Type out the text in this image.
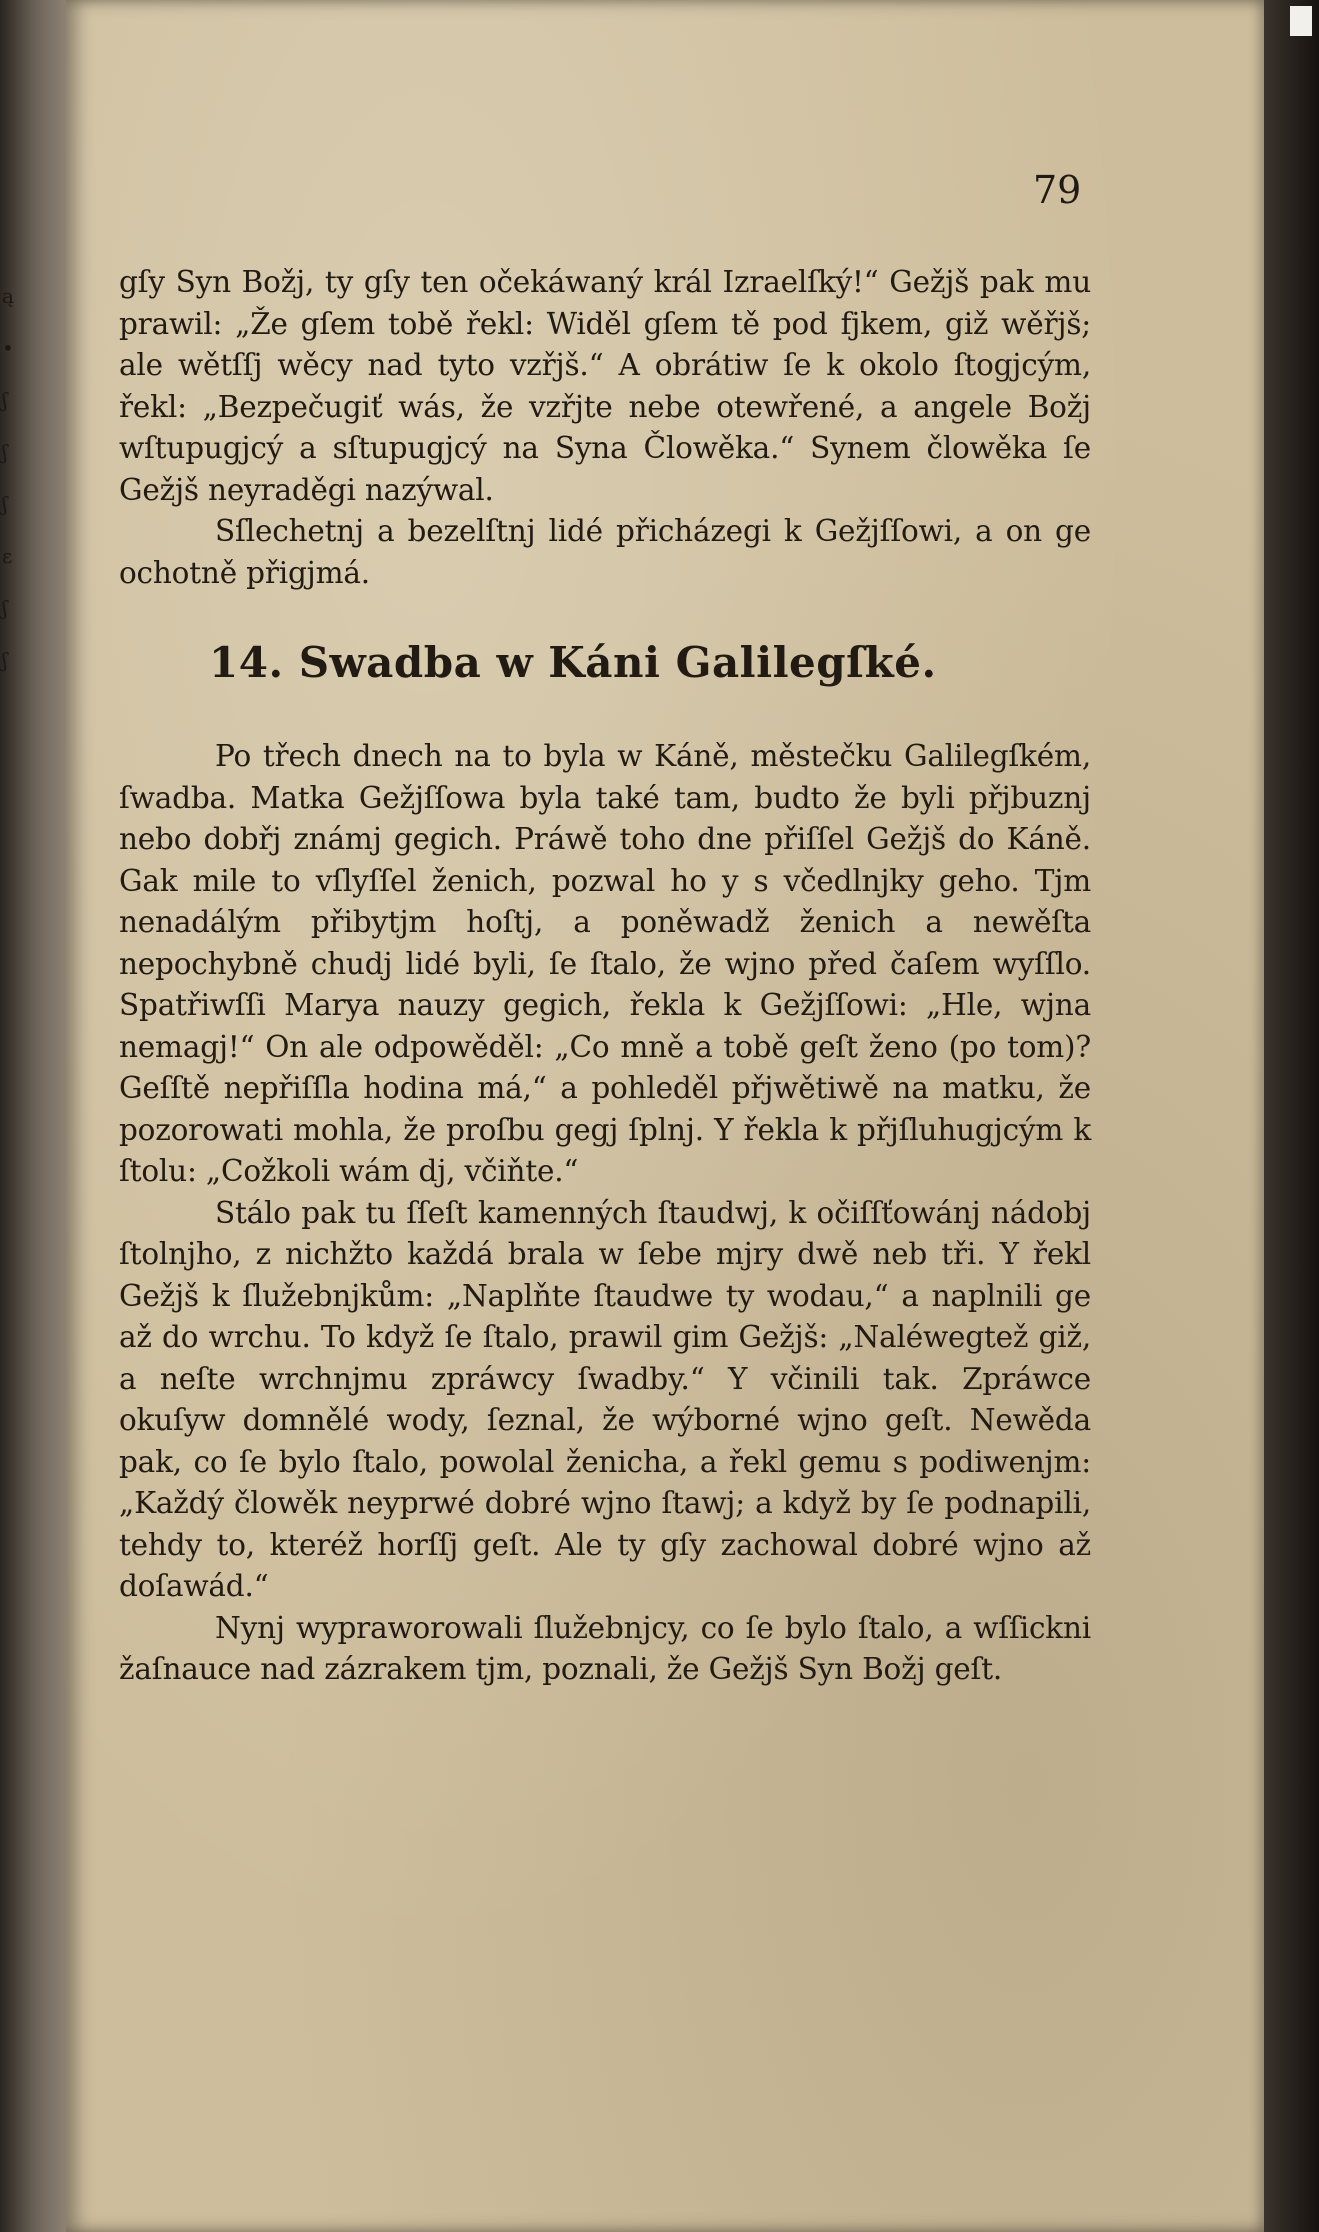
ą
•
ʃ
ʃ
ʃ
ɛ
ʃ
ʃ
79

gſy Syn Božj, ty gſy ten očekáwaný král Izraelſký!“ Gežjš pak mu prawil: „Že gſem tobě řekl: Widěl gſem tě pod fjkem, giž wěřjš; ale wětſſj wěcy nad tyto vzřjš.“ A obrátiw ſe k okolo ſtogjcým, řekl: „Bezpečugiť wás, že vzřjte nebe otewřené, a angele Božj wſtupugjcý a sſtupugjcý na Syna Člowěka.“ Synem člowěka ſe Gežjš neyraděgi nazýwal.

Sſlechetnj a bezelſtnj lidé přicházegi k Gežjſſowi, a on ge ochotně přigjmá.

14. Swadba w Káni Galilegſké.

Po třech dnech na to byla w Káně, městečku Galilegſkém, ſwadba. Matka Gežjſſowa byla také tam, budto že byli přjbuznj nebo dobřj známj gegich. Práwě toho dne přiſſel Gežjš do Káně. Gak mile to vſlyſſel ženich, pozwal ho y s včedlnjky geho. Tjm nenadálým přibytjm hoſtj, a poněwadž ženich a newěſta nepochybně chudj lidé byli, ſe ſtalo, že wjno před čaſem wyſſlo. Spatřiwſſi Marya nauzy gegich, řekla k Gežjſſowi: „Hle, wjna nemagj!“ On ale odpowěděl: „Co mně a tobě geſt ženo (po tom)? Geſſtě nepřiſſla hodina má,“ a pohleděl přjwětiwě na matku, že pozorowati mohla, že proſbu gegj ſplnj. Y řekla k přjſluhugjcým k ſtolu: „Cožkoli wám dj, včiňte.“

Stálo pak tu ſſeſt kamenných ſtaudwj, k očiſſťowánj nádobj ſtolnjho, z nichžto každá brala w ſebe mjry dwě neb tři. Y řekl Gežjš k ſlužebnjkům: „Naplňte ſtaudwe ty wodau,“ a naplnili ge až do wrchu. To když ſe ſtalo, prawil gim Gežjš: „Naléwegtež giž, a neſte wrchnjmu zpráwcy ſwadby.“ Y včinili tak. Zpráwce okuſyw domnělé wody, ſeznal, že wýborné wjno geſt. Newěda pak, co ſe bylo ſtalo, powolal ženicha, a řekl gemu s podiwenjm: „Každý člowěk neyprwé dobré wjno ſtawj; a když by ſe podnapili, tehdy to, kteréž horſſj geſt. Ale ty gſy zachowal dobré wjno až doſawád.“

Nynj wypraworowali ſlužebnjcy, co ſe bylo ſtalo, a wſſickni žaſnauce nad zázrakem tjm, poznali, že Gežjš Syn Božj geſt.
